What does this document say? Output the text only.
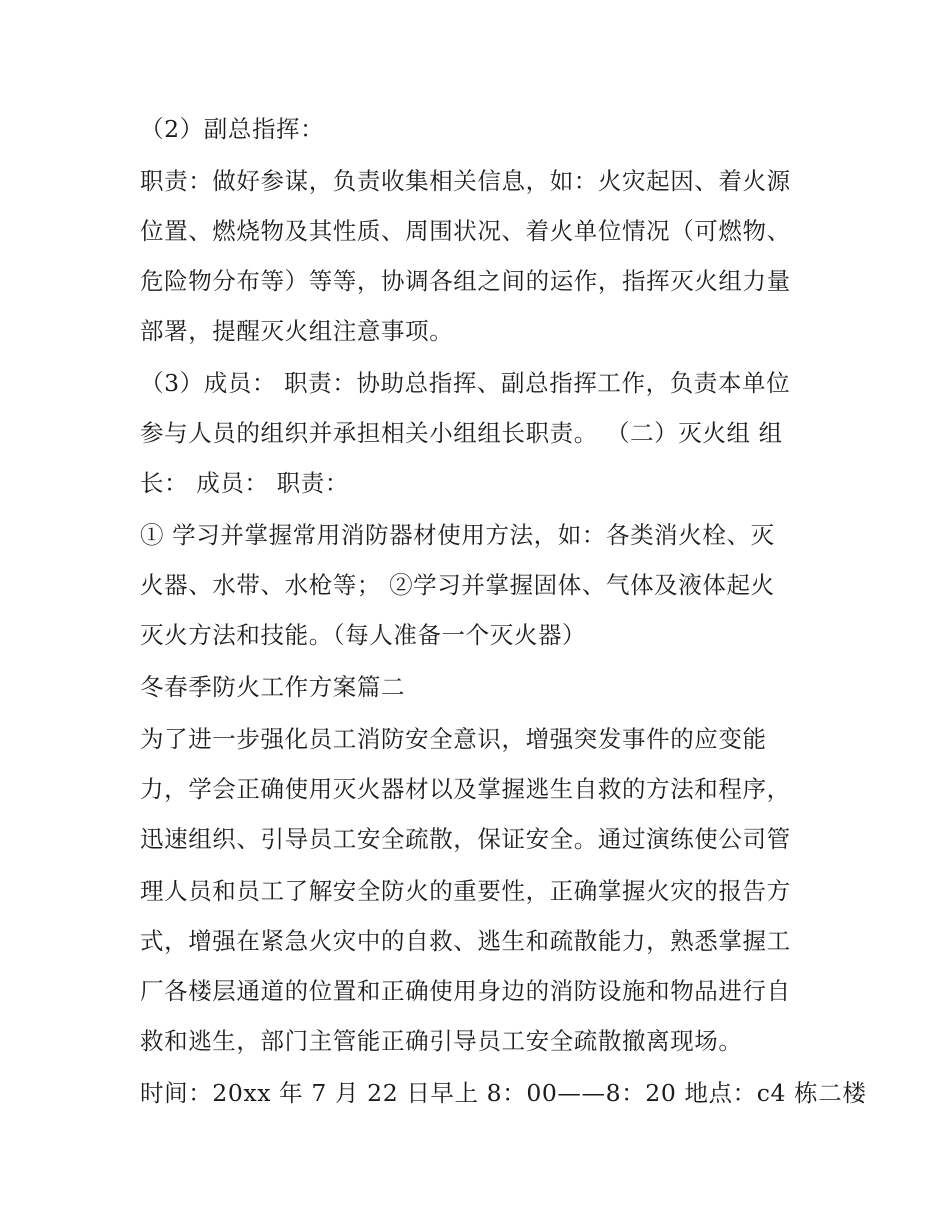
（2）副总指挥：
职责：做好参谋，负责收集相关信息，如：火灾起因、着火源
位置、燃烧物及其性质、周围状况、着火单位情况（可燃物、
危险物分布等）等等，协调各组之间的运作，指挥灭火组力量
部署，提醒灭火组注意事项。
（3）成员： 职责：协助总指挥、副总指挥工作，负责本单位
参与人员的组织并承担相关小组组长职责。 （二）灭火组 组
长： 成员： 职责：
① 学习并掌握常用消防器材使用方法，如：各类消火栓、灭
火器、水带、水枪等； ②学习并掌握固体、气体及液体起火
灭火方法和技能。（每人准备一个灭火器）
冬春季防火工作方案篇二
为了进一步强化员工消防安全意识，增强突发事件的应变能
力，学会正确使用灭火器材以及掌握逃生自救的方法和程序，
迅速组织、引导员工安全疏散，保证安全。通过演练使公司管
理人员和员工了解安全防火的重要性，正确掌握火灾的报告方
式，增强在紧急火灾中的自救、逃生和疏散能力，熟悉掌握工
厂各楼层通道的位置和正确使用身边的消防设施和物品进行自
救和逃生，部门主管能正确引导员工安全疏散撤离现场。
时间：20xx 年 7 月 22 日早上 8：00——8：20 地点：c4 栋二楼
